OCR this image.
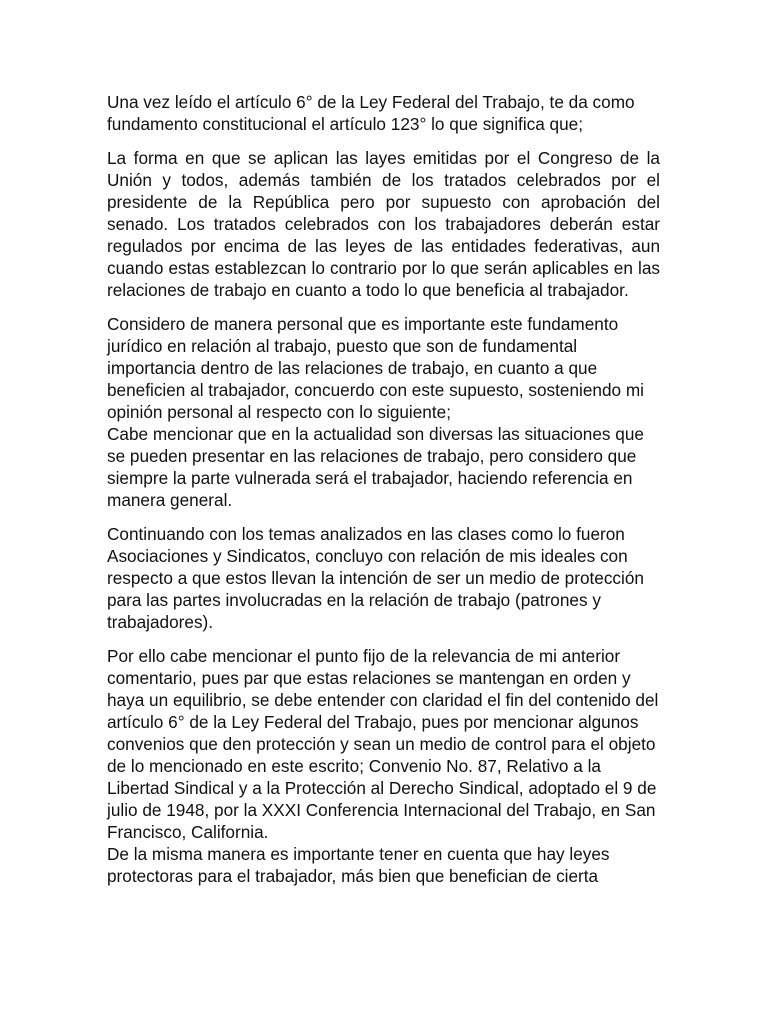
Una vez leído el artículo 6° de la Ley Federal del Trabajo, te da como fundamento constitucional el artículo 123° lo que significa que;

La forma en que se aplican las layes emitidas por el Congreso de la Unión y todos, además también de los tratados celebrados por el presidente de la República pero por supuesto con aprobación del senado. Los tratados celebrados con los trabajadores deberán estar regulados por encima de las leyes de las entidades federativas, aun cuando estas establezcan lo contrario por lo que serán aplicables en las relaciones de trabajo en cuanto a todo lo que beneficia al trabajador.

Considero de manera personal que es importante este fundamento jurídico en relación al trabajo, puesto que son de fundamental importancia dentro de las relaciones de trabajo, en cuanto a que beneficien al trabajador, concuerdo con este supuesto, sosteniendo mi opinión personal al respecto con lo siguiente;

Cabe mencionar que en la actualidad son diversas las situaciones que se pueden presentar en las relaciones de trabajo, pero considero que siempre la parte vulnerada será el trabajador, haciendo referencia en manera general.

Continuando con los temas analizados en las clases como lo fueron Asociaciones y Sindicatos, concluyo con relación de mis ideales con respecto a que estos llevan la intención de ser un medio de protección para las partes involucradas en la relación de trabajo (patrones y trabajadores).

Por ello cabe mencionar el punto fijo de la relevancia de mi anterior comentario, pues par que estas relaciones se mantengan en orden y haya un equilibrio, se debe entender con claridad el fin del contenido del artículo 6° de la Ley Federal del Trabajo, pues por mencionar algunos convenios que den protección y sean un medio de control para el objeto de lo mencionado en este escrito; Convenio No. 87, Relativo a la Libertad Sindical y a la Protección al Derecho Sindical, adoptado el 9 de julio de 1948, por la XXXI Conferencia Internacional del Trabajo, en San Francisco, California.

De la misma manera es importante tener en cuenta que hay leyes protectoras para el trabajador, más bien que benefician de cierta
